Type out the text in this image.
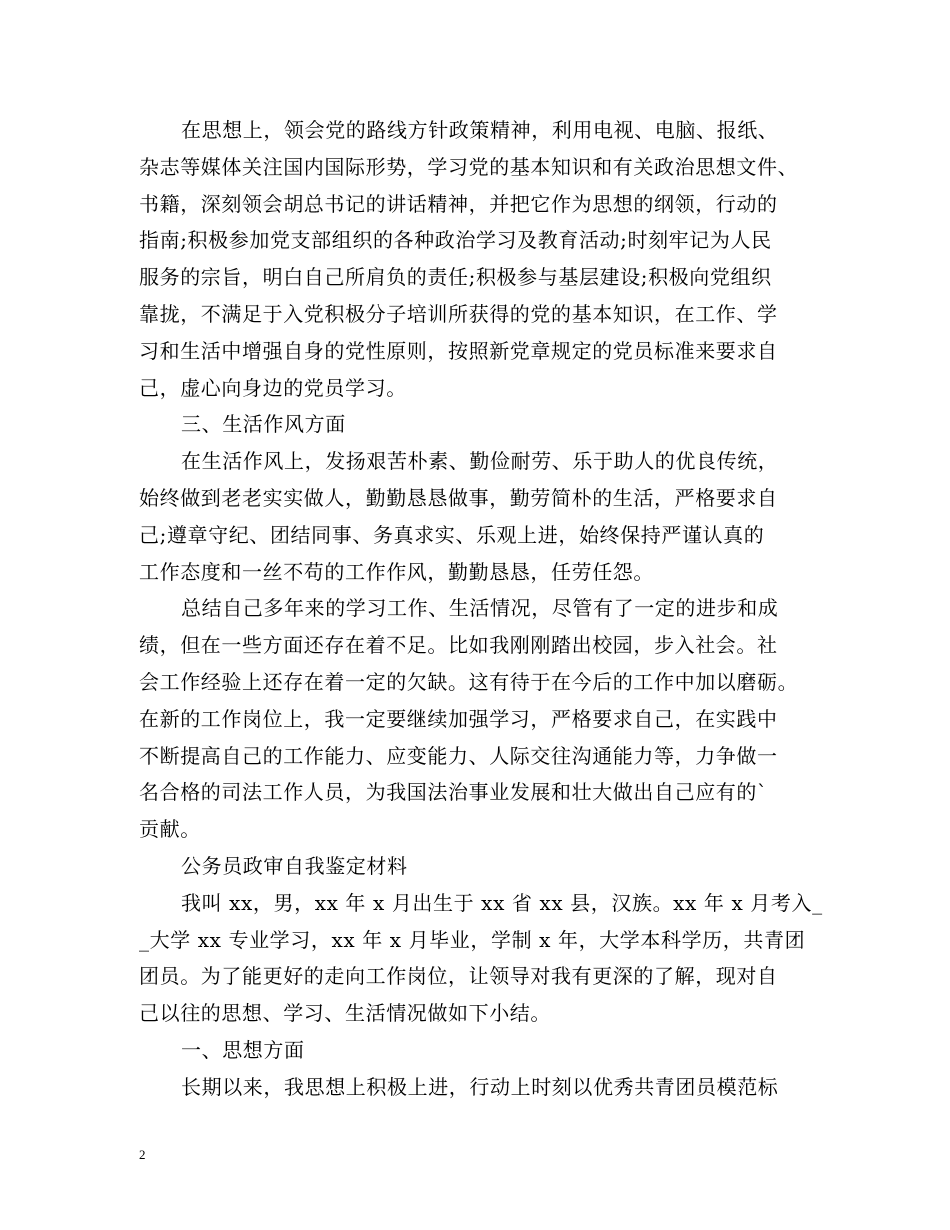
在思想上，领会党的路线方针政策精神，利用电视、电脑、报纸、
杂志等媒体关注国内国际形势，学习党的基本知识和有关政治思想文件、
书籍，深刻领会胡总书记的讲话精神，并把它作为思想的纲领，行动的
指南;积极参加党支部组织的各种政治学习及教育活动;时刻牢记为人民
服务的宗旨，明白自己所肩负的责任;积极参与基层建设;积极向党组织
靠拢，不满足于入党积极分子培训所获得的党的基本知识，在工作、学
习和生活中增强自身的党性原则，按照新党章规定的党员标准来要求自
己，虚心向身边的党员学习。
三、生活作风方面
在生活作风上，发扬艰苦朴素、勤俭耐劳、乐于助人的优良传统，
始终做到老老实实做人，勤勤恳恳做事，勤劳简朴的生活，严格要求自
己;遵章守纪、团结同事、务真求实、乐观上进，始终保持严谨认真的
工作态度和一丝不苟的工作作风，勤勤恳恳，任劳任怨。
总结自己多年来的学习工作、生活情况，尽管有了一定的进步和成
绩，但在一些方面还存在着不足。比如我刚刚踏出校园，步入社会。社
会工作经验上还存在着一定的欠缺。这有待于在今后的工作中加以磨砺。
在新的工作岗位上，我一定要继续加强学习，严格要求自己，在实践中
不断提高自己的工作能力、应变能力、人际交往沟通能力等，力争做一
名合格的司法工作人员，为我国法治事业发展和壮大做出自己应有的`
贡献。
公务员政审自我鉴定材料
我叫 xx，男，xx 年 x 月出生于 xx 省 xx 县，汉族。xx 年 x 月考入_
_大学 xx 专业学习，xx 年 x 月毕业，学制 x 年，大学本科学历，共青团
团员。为了能更好的走向工作岗位，让领导对我有更深的了解，现对自
己以往的思想、学习、生活情况做如下小结。
一、思想方面
长期以来，我思想上积极上进，行动上时刻以优秀共青团员模范标
2
